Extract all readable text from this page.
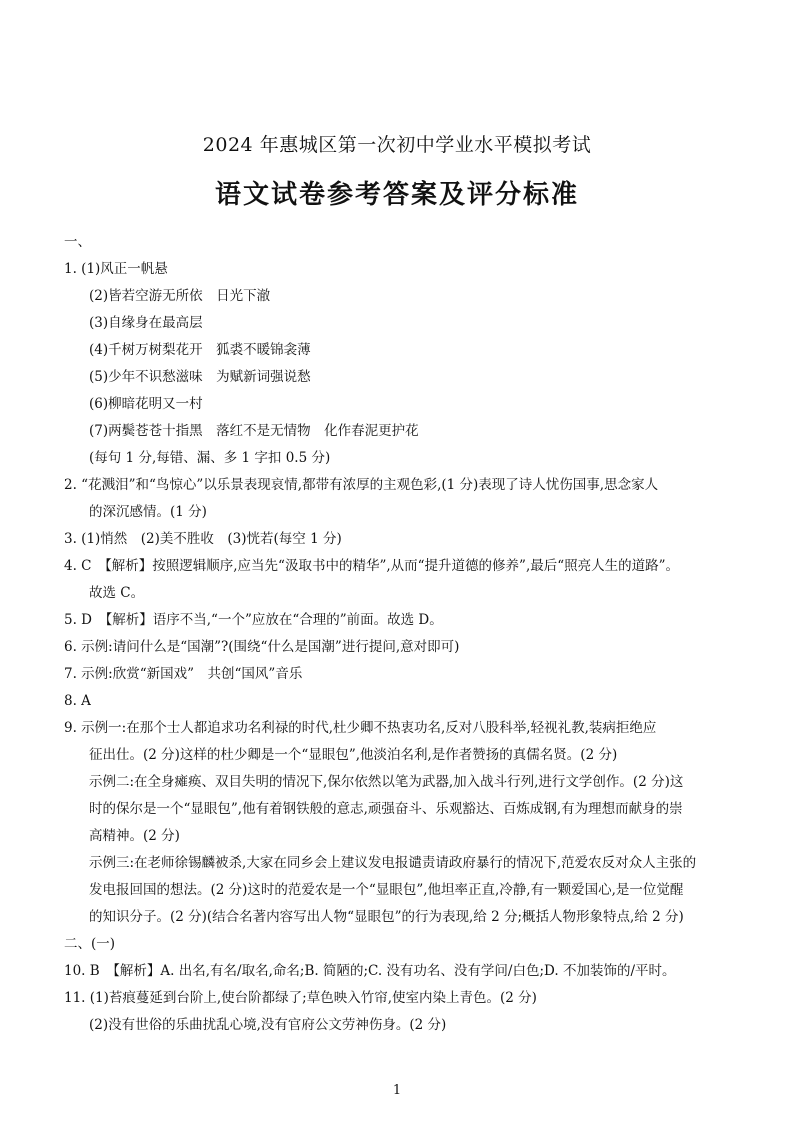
2024 年惠城区第一次初中学业水平模拟考试
语文试卷参考答案及评分标准
一、
1. (1)风正一帆悬
(2)皆若空游无所依　日光下澈
(3)自缘身在最高层
(4)千树万树梨花开　狐裘不暖锦衾薄
(5)少年不识愁滋味　为赋新词强说愁
(6)柳暗花明又一村
(7)两鬓苍苍十指黑　落红不是无情物　化作春泥更护花
(每句 1 分,每错、漏、多 1 字扣 0.5 分)
2. “花溅泪”和“鸟惊心”以乐景表现哀情,都带有浓厚的主观色彩,(1 分)表现了诗人忧伤国事,思念家人
的深沉感情。(1 分)
3. (1)悄然　(2)美不胜收　(3)恍若(每空 1 分)
4. C　【解析】按照逻辑顺序,应当先“汲取书中的精华”,从而“提升道德的修养”,最后“照亮人生的道路”。
故选 C。
5. D　【解析】语序不当,“一个”应放在“合理的”前面。故选 D。
6. 示例:请问什么是“国潮”?(围绕“什么是国潮”进行提问,意对即可)
7. 示例:欣赏“新国戏”　共创“国风”音乐
8. A
9. 示例一:在那个士人都追求功名利禄的时代,杜少卿不热衷功名,反对八股科举,轻视礼教,装病拒绝应
征出仕。(2 分)这样的杜少卿是一个“显眼包”,他淡泊名利,是作者赞扬的真儒名贤。(2 分)
示例二:在全身瘫痪、双目失明的情况下,保尔依然以笔为武器,加入战斗行列,进行文学创作。(2 分)这
时的保尔是一个“显眼包”,他有着钢铁般的意志,顽强奋斗、乐观豁达、百炼成钢,有为理想而献身的崇
高精神。(2 分)
示例三:在老师徐锡麟被杀,大家在同乡会上建议发电报谴责请政府暴行的情况下,范爱农反对众人主张的
发电报回国的想法。(2 分)这时的范爱农是一个“显眼包”,他坦率正直,冷静,有一颗爱国心,是一位觉醒
的知识分子。(2 分)(结合名著内容写出人物“显眼包”的行为表现,给 2 分;概括人物形象特点,给 2 分)
二、(一)
10. B　【解析】A. 出名,有名/取名,命名;B. 简陋的;C. 没有功名、没有学问/白色;D. 不加装饰的/平时。
11. (1)苔痕蔓延到台阶上,使台阶都绿了;草色映入竹帘,使室内染上青色。(2 分)
(2)没有世俗的乐曲扰乱心境,没有官府公文劳神伤身。(2 分)
1
